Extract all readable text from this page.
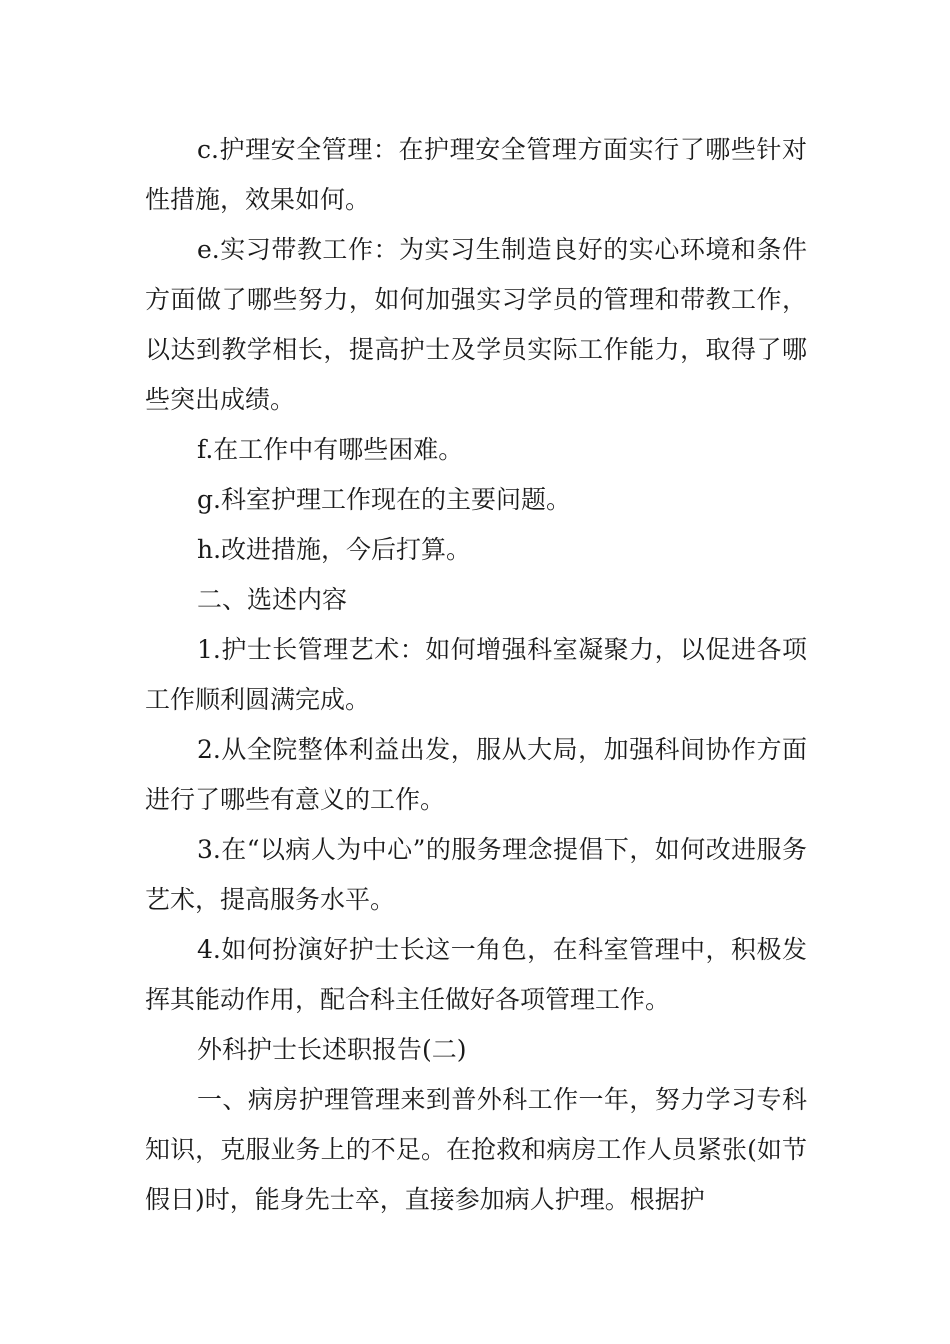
c.护理安全管理：在护理安全管理方面实行了哪些针对性措施，效果如何。

e.实习带教工作：为实习生制造良好的实心环境和条件方面做了哪些努力，如何加强实习学员的管理和带教工作，以达到教学相长，提高护士及学员实际工作能力，取得了哪些突出成绩。

f.在工作中有哪些困难。

g.科室护理工作现在的主要问题。

h.改进措施，今后打算。

二、选述内容

1.护士长管理艺术：如何增强科室凝聚力，以促进各项工作顺利圆满完成。

2.从全院整体利益出发，服从大局，加强科间协作方面进行了哪些有意义的工作。

3.在“以病人为中心”的服务理念提倡下，如何改进服务艺术，提高服务水平。

4.如何扮演好护士长这一角色，在科室管理中，积极发挥其能动作用，配合科主任做好各项管理工作。

外科护士长述职报告(二)

一、病房护理管理来到普外科工作一年，努力学习专科知识，克服业务上的不足。在抢救和病房工作人员紧张(如节假日)时，能身先士卒，直接参加病人护理。根据护
